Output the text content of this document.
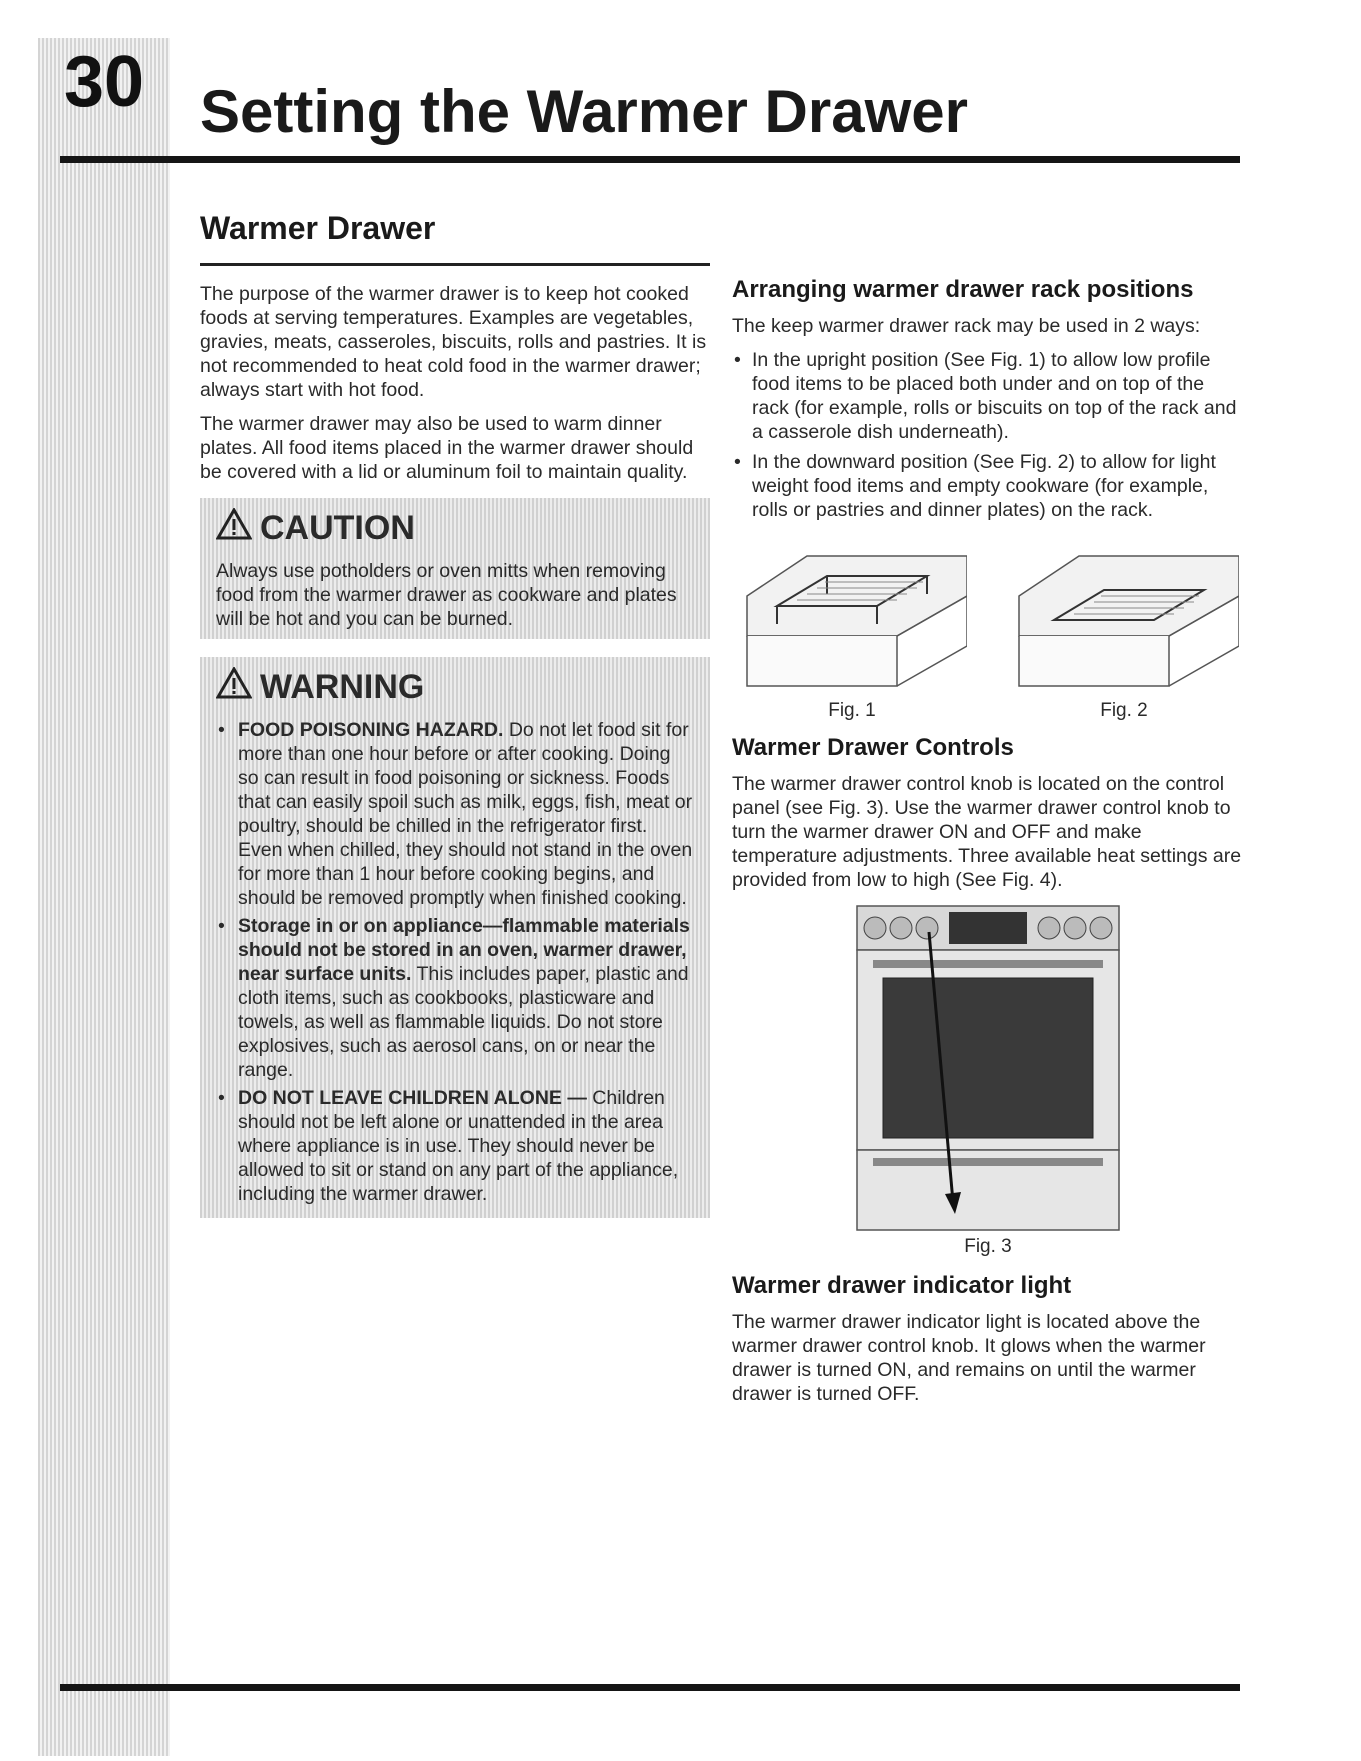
30 Setting the Warmer Drawer
Warmer Drawer

The purpose of the warmer drawer is to keep hot cooked foods at serving temperatures. Examples are vegetables, gravies, meats, casseroles, biscuits, rolls and pastries. It is not recommended to heat cold food in the warmer drawer; always start with hot food.

The warmer drawer may also be used to warm dinner plates. All food items placed in the warmer drawer should be covered with a lid or aluminum foil to maintain quality.

CAUTION
Always use potholders or oven mitts when removing food from the warmer drawer as cookware and plates will be hot and you can be burned.
WARNING
• FOOD POISONING HAZARD. Do not let food sit for more than one hour before or after cooking. Doing so can result in food poisoning or sickness. Foods that can easily spoil such as milk, eggs, fish, meat or poultry, should be chilled in the refrigerator first. Even when chilled, they should not stand in the oven for more than 1 hour before cooking begins, and should be removed promptly when finished cooking.
• Storage in or on appliance—flammable materials should not be stored in an oven, warmer drawer, near surface units. This includes paper, plastic and cloth items, such as cookbooks, plasticware and towels, as well as flammable liquids. Do not store explosives, such as aerosol cans, on or near the range.
• DO NOT LEAVE CHILDREN ALONE — Children should not be left alone or unattended in the area where appliance is in use. They should never be allowed to sit or stand on any part of the appliance, including the warmer drawer.
Arranging warmer drawer rack positions

The keep warmer drawer rack may be used in 2 ways:

• In the upright position (See Fig. 1) to allow low profile food items to be placed both under and on top of the rack (for example, rolls or biscuits on top of the rack and a casserole dish underneath).
• In the downward position (See Fig. 2) to allow for light weight food items and empty cookware (for example, rolls or pastries and dinner plates) on the rack.
Fig. 1	Fig. 2
Warmer Drawer Controls

The warmer drawer control knob is located on the control panel (see Fig. 3). Use the warmer drawer control knob to turn the warmer drawer ON and OFF and make temperature adjustments. Three available heat settings are provided from low to high (See Fig. 4).

Fig. 3
Warmer drawer indicator light

The warmer drawer indicator light is located above the warmer drawer control knob. It glows when the warmer drawer is turned ON, and remains on until the warmer drawer is turned OFF.
